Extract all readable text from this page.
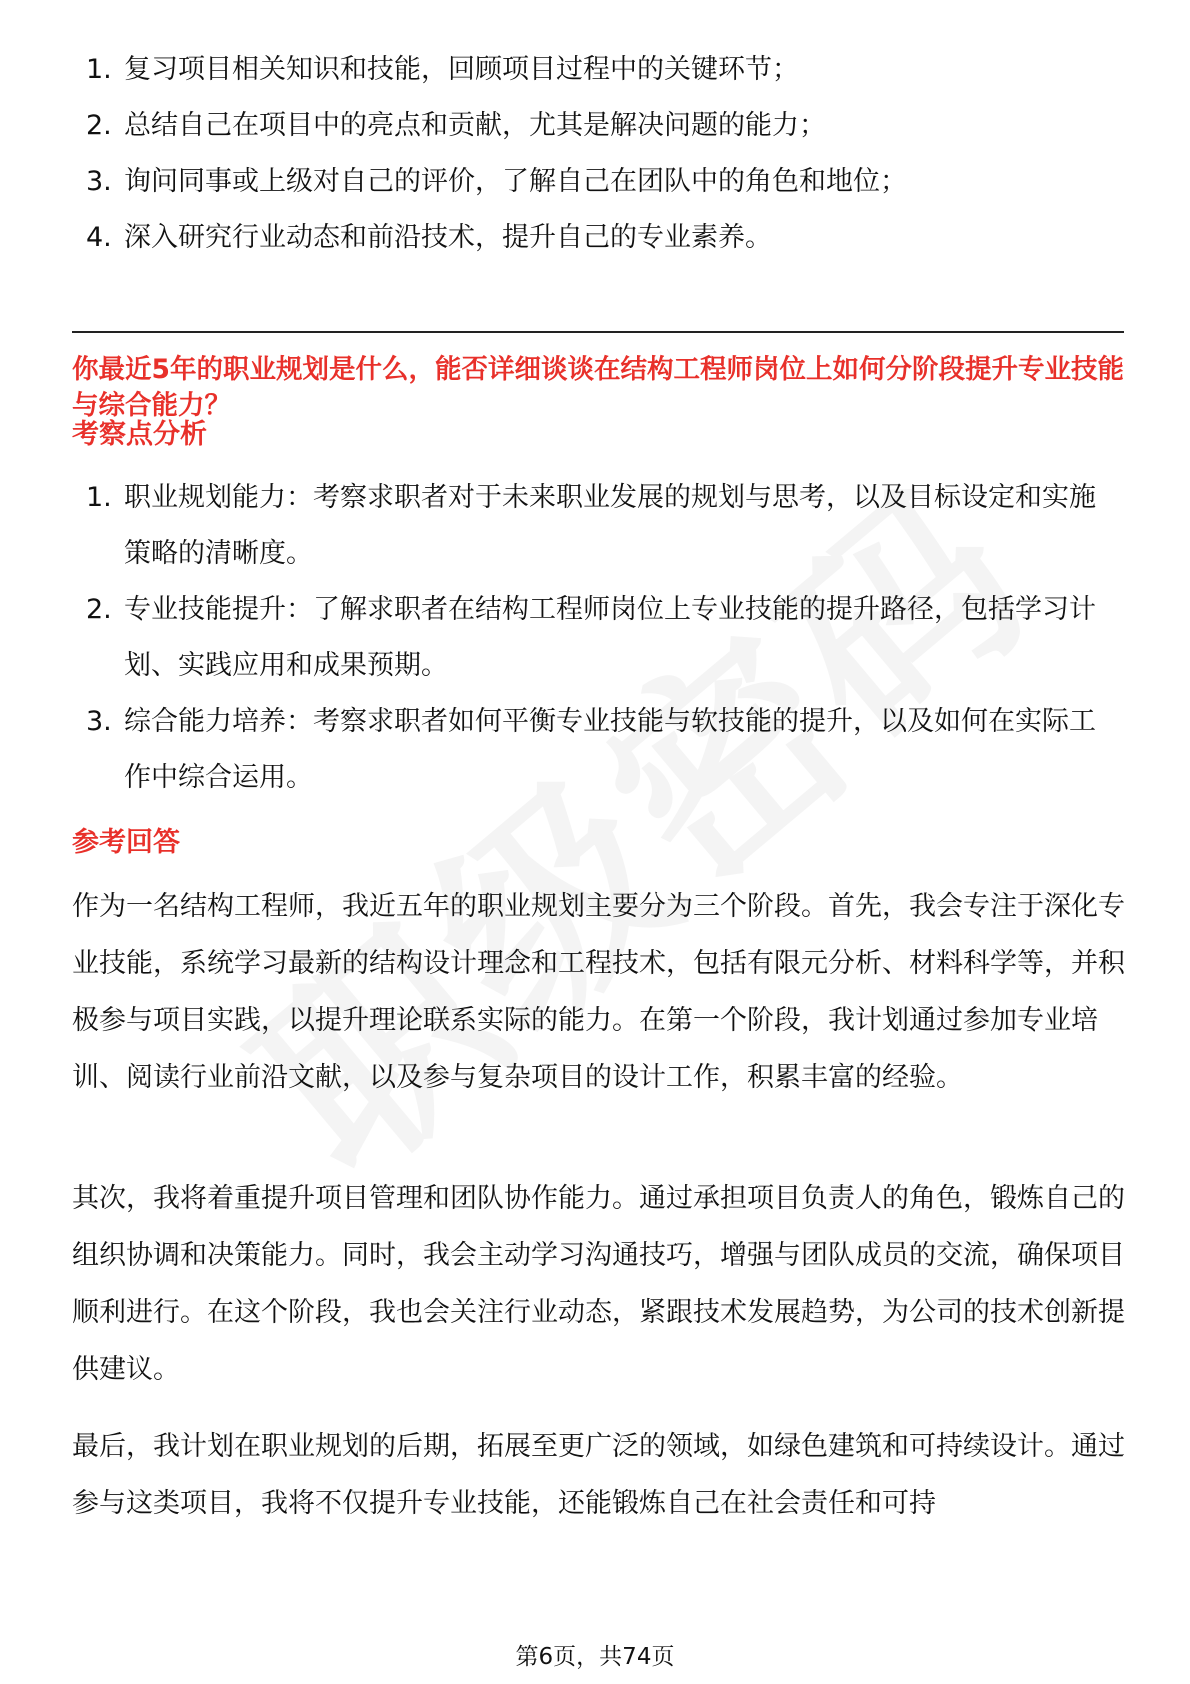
1. 复习项目相关知识和技能，回顾项目过程中的关键环节；
2. 总结自己在项目中的亮点和贡献，尤其是解决问题的能力；
3. 询问同事或上级对自己的评价，了解自己在团队中的角色和地位；
4. 深入研究行业动态和前沿技术，提升自己的专业素养。
你最近5年的职业规划是什么，能否详细谈谈在结构工程师岗位上如何分阶段提升专业技能与综合能力？
考察点分析
1. 职业规划能力：考察求职者对于未来职业发展的规划与思考，以及目标设定和实施策略的清晰度。
2. 专业技能提升：了解求职者在结构工程师岗位上专业技能的提升路径，包括学习计划、实践应用和成果预期。
3. 综合能力培养：考察求职者如何平衡专业技能与软技能的提升，以及如何在实际工作中综合运用。
参考回答

作为一名结构工程师，我近五年的职业规划主要分为三个阶段。首先，我会专注于深化专业技能，系统学习最新的结构设计理念和工程技术，包括有限元分析、材料科学等，并积极参与项目实践，以提升理论联系实际的能力。在第一个阶段，我计划通过参加专业培训、阅读行业前沿文献，以及参与复杂项目的设计工作，积累丰富的经验。

其次，我将着重提升项目管理和团队协作能力。通过承担项目负责人的角色，锻炼自己的组织协调和决策能力。同时，我会主动学习沟通技巧，增强与团队成员的交流，确保项目顺利进行。在这个阶段，我也会关注行业动态，紧跟技术发展趋势，为公司的技术创新提供建议。

最后，我计划在职业规划的后期，拓展至更广泛的领域，如绿色建筑和可持续设计。通过参与这类项目，我将不仅提升专业技能，还能锻炼自己在社会责任和可持

第6页，共74页
